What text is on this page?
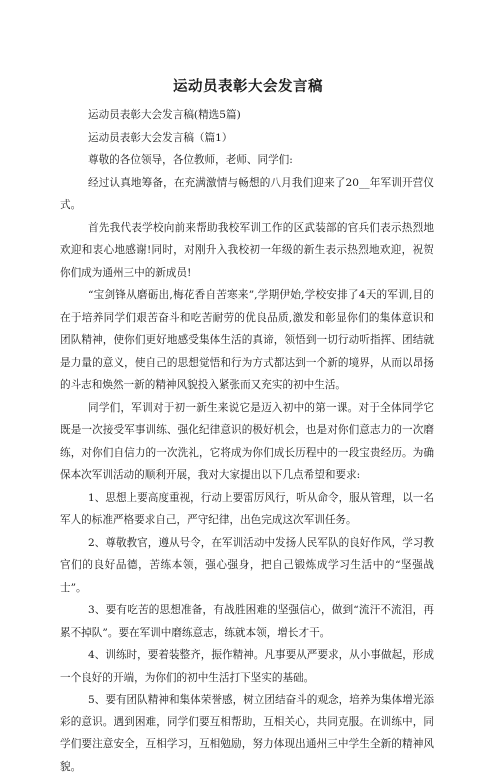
运动员表彰大会发言稿

运动员表彰大会发言稿(精选5篇)

运动员表彰大会发言稿（篇1）

尊敬的各位领导，各位教师，老师、同学们:

经过认真地筹备，在充满激情与畅想的八月我们迎来了20__年军训开营仪式。

首先我代表学校向前来帮助我校军训工作的区武装部的官兵们表示热烈地欢迎和衷心地感谢!同时，对刚升入我校初一年级的新生表示热烈地欢迎，祝贺你们成为通州三中的新成员!

“宝剑锋从磨砺出,梅花香自苦寒来”,学期伊始,学校安排了4天的军训,目的在于培养同学们艰苦奋斗和吃苦耐劳的优良品质,激发和彰显你们的集体意识和团队精神，使你们更好地感受集体生活的真谛，领悟到一切行动听指挥、团结就是力量的意义，使自己的思想觉悟和行为方式都达到一个新的境界，从而以昂扬的斗志和焕然一新的精神风貌投入紧张而又充实的初中生活。

同学们，军训对于初一新生来说它是迈入初中的第一课。对于全体同学它既是一次接受军事训练、强化纪律意识的极好机会，也是对你们意志力的一次磨练，对你们自信力的一次洗礼，它将成为你们成长历程中的一段宝贵经历。为确保本次军训活动的顺利开展，我对大家提出以下几点希望和要求:

1、思想上要高度重视，行动上要雷厉风行，听从命令，服从管理，以一名军人的标准严格要求自己，严守纪律，出色完成这次军训任务。

2、尊敬教官，遵从号令，在军训活动中发扬人民军队的良好作风，学习教官们的良好品德，苦练本领，强心强身，把自己锻炼成学习生活中的“坚强战士”。

3、要有吃苦的思想准备，有战胜困难的坚强信心，做到“流汗不流泪，再累不掉队”。要在军训中磨练意志，练就本领，增长才干。

4、训练时，要着装整齐，振作精神。凡事要从严要求，从小事做起，形成一个良好的开端，为你们的初中生活打下坚实的基础。

5、要有团队精神和集体荣誉感，树立团结奋斗的观念，培养为集体增光添彩的意识。遇到困难，同学们要互相帮助，互相关心，共同克服。在训练中，同学们要注意安全，互相学习，互相勉励，努力体现出通州三中学生全新的精神风貌。
